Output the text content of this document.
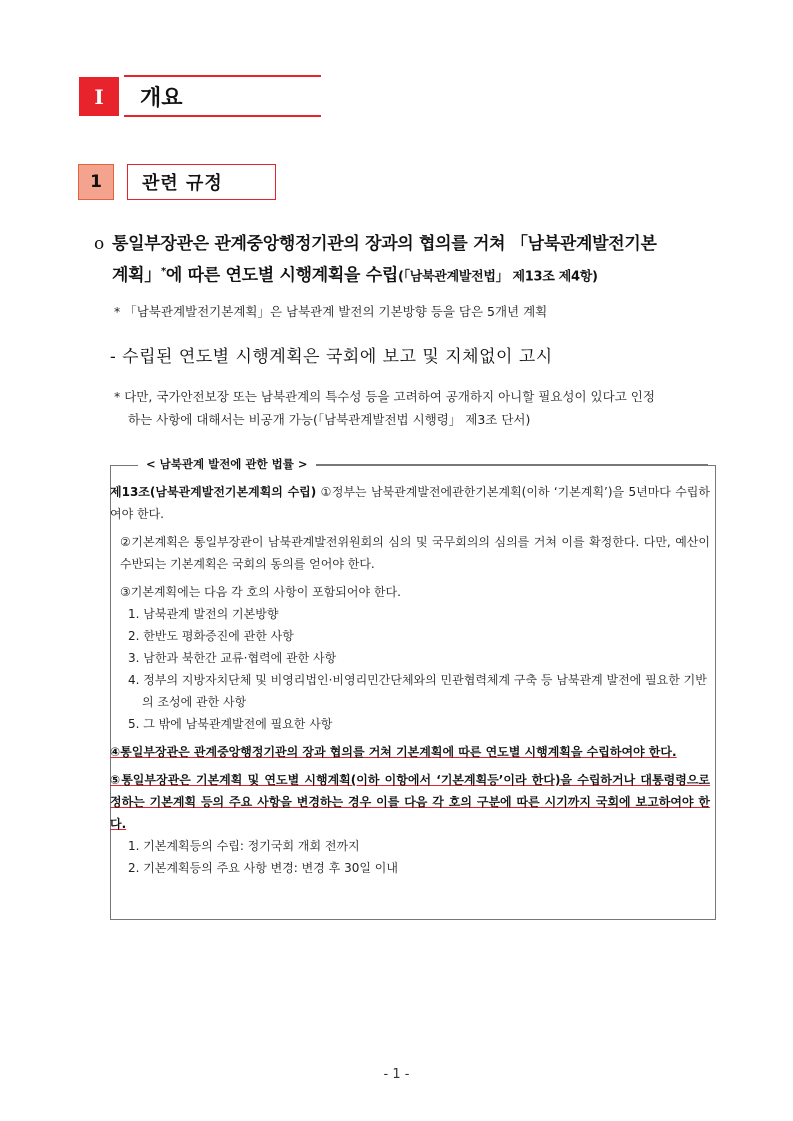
I	개요
1	관련 규정
o 통일부장관은 관계중앙행정기관의 장과의 협의를 거쳐 「남북관계발전기본
계획」*에 따른 연도별 시행계획을 수립(「남북관계발전법」 제13조 제4항)
* 「남북관계발전기본계획」은 남북관계 발전의 기본방향 등을 담은 5개년 계획
- 수립된 연도별 시행계획은 국회에 보고 및 지체없이 고시
* 다만, 국가안전보장 또는 남북관계의 특수성 등을 고려하여 공개하지 아니할 필요성이 있다고 인정
하는 사항에 대해서는 비공개 가능(「남북관계발전법 시행령」 제3조 단서)
< 남북관계 발전에 관한 법률 >

제13조(남북관계발전기본계획의 수립) ①정부는 남북관계발전에관한기본계획(이하 ‘기본계획’)을 5년마다 수립하여야 한다.

②기본계획은 통일부장관이 남북관계발전위원회의 심의 및 국무회의의 심의를 거쳐 이를 확정한다. 다만, 예산이 수반되는 기본계획은 국회의 동의를 얻어야 한다.

③기본계획에는 다음 각 호의 사항이 포함되어야 한다.

1. 남북관계 발전의 기본방향
2. 한반도 평화증진에 관한 사항
3. 남한과 북한간 교류·협력에 관한 사항
4. 정부의 지방자치단체 및 비영리법인·비영리민간단체와의 민관협력체계 구축 등 남북관계 발전에 필요한 기반의 조성에 관한 사항
5. 그 밖에 남북관계발전에 필요한 사항

④통일부장관은 관계중앙행정기관의 장과 협의를 거쳐 기본계획에 따른 연도별 시행계획을 수립하여야 한다.

⑤통일부장관은 기본계획 및 연도별 시행계획(이하 이항에서 ‘기본계획등’이라 한다)을 수립하거나 대통령령으로 정하는 기본계획 등의 주요 사항을 변경하는 경우 이를 다음 각 호의 구분에 따른 시기까지 국회에 보고하여야 한다.

1. 기본계획등의 수립: 정기국회 개회 전까지
2. 기본계획등의 주요 사항 변경: 변경 후 30일 이내
- 1 -
